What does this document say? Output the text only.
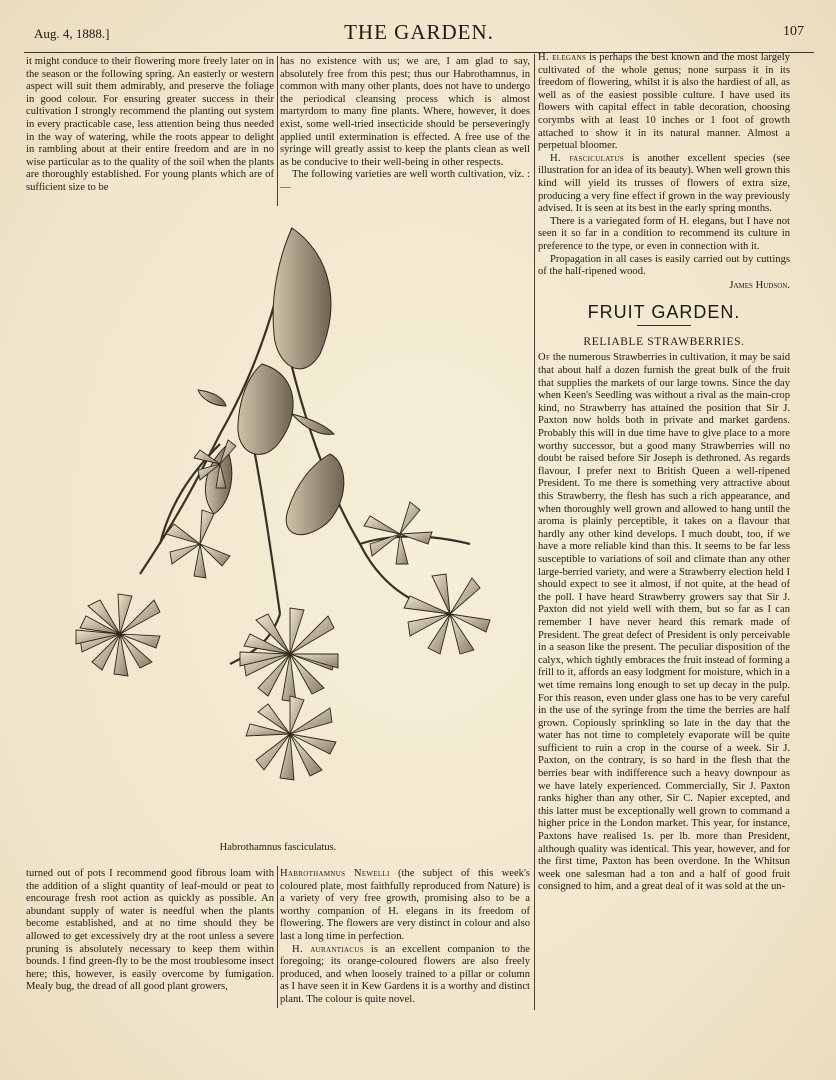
Aug. 4, 1888.]	THE GARDEN.	107

it might conduce to their flowering more freely later on in the season or the following spring. An easterly or western aspect will suit them admirably, and preserve the foliage in good colour. For ensuring greater success in their cultivation I strongly recommend the planting out system in every practicable case, less attention being thus needed in the way of watering, while the roots appear to delight in rambling about at their entire freedom and are in no wise particular as to the quality of the soil when the plants are thoroughly established. For young plants which are of sufficient size to be

has no existence with us; we are, I am glad to say, absolutely free from this pest; thus our Habrothamnus, in common with many other plants, does not have to undergo the periodical cleansing process which is almost martyrdom to many fine plants. Where, however, it does exist, some well-tried insecticide should be perseveringly applied until extermination is effected. A free use of the syringe will greatly assist to keep the plants clean as well as be conducive to their well-being in other respects.

The following varieties are well worth cultivation, viz. :—

H. elegans is perhaps the best known and the most largely cultivated of the whole genus; none surpass it in its freedom of flowering, whilst it is also the hardiest of all, as well as of the easiest possible culture. I have used its flowers with capital effect in table decoration, choosing corymbs with at least 10 inches or 1 foot of growth attached to show it in its natural manner. Almost a perpetual bloomer.

H. fasciculatus is another excellent species (see illustration for an idea of its beauty). When well grown this kind will yield its trusses of flowers of extra size, producing a very fine effect if grown in the way previously advised. It is seen at its best in the early spring months.

There is a variegated form of H. elegans, but I have not seen it so far in a condition to recommend its culture in preference to the type, or even in connection with it.

Propagation in all cases is easily carried out by cuttings of the half-ripened wood.

James Hudson.
FRUIT GARDEN.
RELIABLE STRAWBERRIES.

Of the numerous Strawberries in cultivation, it may be said that about half a dozen furnish the great bulk of the fruit that supplies the markets of our large towns. Since the day when Keen's Seedling was without a rival as the main-crop kind, no Strawberry has attained the position that Sir J. Paxton now holds both in private and market gardens. Probably this will in due time have to give place to a more worthy successor, but a good many Strawberries will no doubt be raised before Sir Joseph is dethroned. As regards flavour, I prefer next to British Queen a well-ripened President. To me there is something very attractive about this Strawberry, the flesh has such a rich appearance, and when thoroughly well grown and allowed to hang until the aroma is plainly perceptible, it takes on a flavour that hardly any other kind develops. I much doubt, too, if we have a more reliable kind than this. It seems to be far less susceptible to variations of soil and climate than any other large-berried variety, and were a Strawberry election held I should expect to see it almost, if not quite, at the head of the poll. I have heard Strawberry growers say that Sir J. Paxton did not yield well with them, but so far as I can remember I have never heard this remark made of President. The great defect of President is only perceivable in a season like the present. The peculiar disposition of the calyx, which tightly embraces the fruit instead of forming a frill to it, affords an easy lodgment for moisture, which in a wet time remains long enough to set up decay in the pulp. For this reason, even under glass one has to be very careful in the use of the syringe from the time the berries are half grown. Copiously sprinkling so late in the day that the water has not time to completely evaporate will be quite sufficient to ruin a crop in the course of a week. Sir J. Paxton, on the contrary, is so hard in the flesh that the berries bear with indifference such a heavy downpour as we have lately experienced. Commercially, Sir J. Paxton ranks higher than any other, Sir C. Napier excepted, and this latter must be exceptionally well grown to command a higher price in the London market. This year, for instance, Paxtons have realised 1s. per lb. more than President, although quality was identical. This year, however, and for the first time, Paxton has been overdone. In the Whitsun week one salesman had a ton and a half of good fruit consigned to him, and a great deal of it was sold at the un-

Habrothamnus fasciculatus.

turned out of pots I recommend good fibrous loam with the addition of a slight quantity of leaf-mould or peat to encourage fresh root action as quickly as possible. An abundant supply of water is needful when the plants become established, and at no time should they be allowed to get excessively dry at the root unless a severe pruning is absolutely necessary to keep them within bounds. I find green-fly to be the most troublesome insect here; this, however, is easily overcome by fumigation. Mealy bug, the dread of all good plant growers,

Habrothamnus Newelli (the subject of this week's coloured plate, most faithfully reproduced from Nature) is a variety of very free growth, promising also to be a worthy companion of H. elegans in its freedom of flowering. The flowers are very distinct in colour and also last a long time in perfection.

H. aurantiacus is an excellent companion to the foregoing; its orange-coloured flowers are also freely produced, and when loosely trained to a pillar or column as I have seen it in Kew Gardens it is a worthy and distinct plant. The colour is quite novel.
